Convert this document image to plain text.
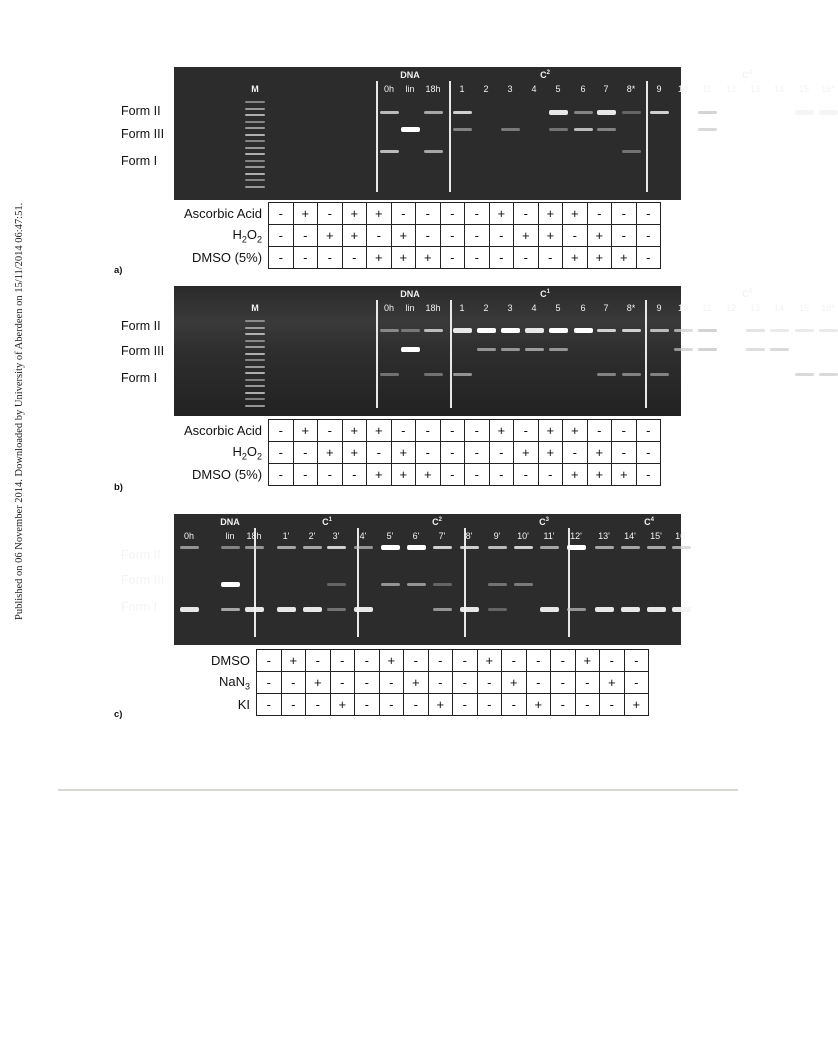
Published on 06 November 2014. Downloaded by University of Aberdeen on 15/11/2014 06:47:51.
M
DNA	$C^2$	$C^3$
0h lin 18h 1 2 3 4 5 6 7 8* 9 10 11 12 13 14 15 16*
Form II
Form III
Form I
Ascorbic Acid	-	+	-	+	+	-	-	-	-	+	-	+	+	-	-	-
$H_2O_2$	-	-	+	+	-	+	-	-	-	-	+	+	-	+	-	-
DMSO (5%)	-	-	-	-	+	+	+	-	-	-	-	-	+	+	+	-
a)
M
DNA	$C^1$	$C^4$
0h lin 18h 1 2 3 4 5 6 7 8* 9 10 11 12 13 14 15 16*
Form II
Form III
Form I
Ascorbic Acid	-	+	-	+	+	-	-	-	-	+	-	+	+	-	-	-
$H_2O_2$	-	-	+	+	-	+	-	-	-	-	+	+	-	+	-	-
DMSO (5%)	-	-	-	-	+	+	+	-	-	-	-	-	+	+	+	-
b)
DNA	$C^1$	$C^2$	$C^3$	$C^4$
0h	lin 18h 1' 2' 3' 4' 5' 6' 7' 8' 9' 10' 11' 12' 13' 14' 15' 16'
Form II
Form III
Form I
DMSO	-	+	-	-	-	+	-	-	-	+	-	-	-	+	-	-
NaN$_3$	-	-	+	-	-	-	+	-	-	-	+	-	-	-	+	-
KI	-	-	-	+	-	-	-	+	-	-	-	+	-	-	-	+
c)
